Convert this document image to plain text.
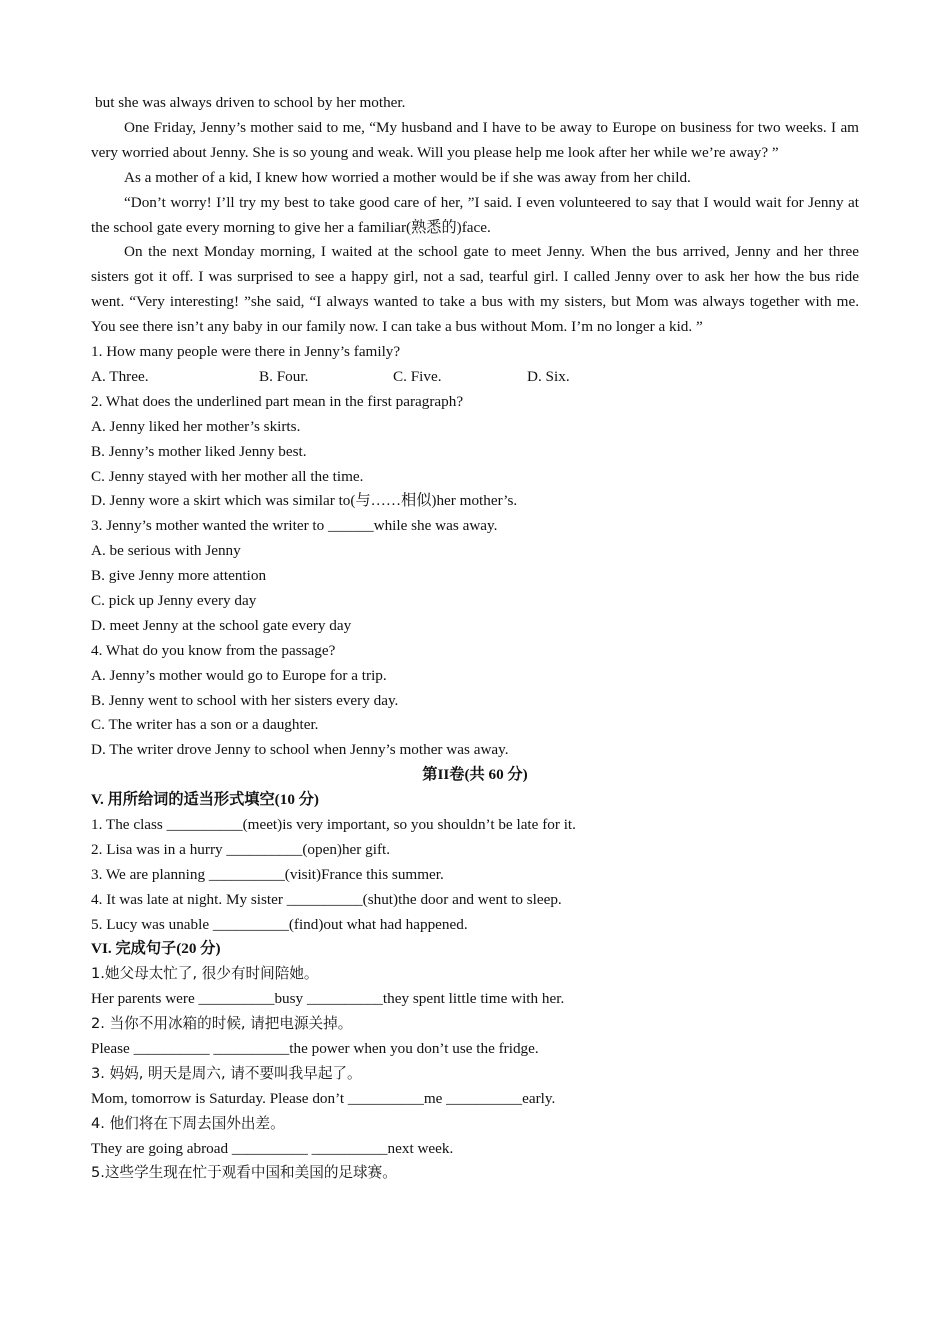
but she was always driven to school by her mother.
One Friday, Jenny’s mother said to me, “My husband and I have to be away to Europe on business for two weeks. I am very worried about Jenny. She is so young and weak. Will you please help me look after her while we’re away? ”
As a mother of a kid, I knew how worried a mother would be if she was away from her child.
“Don’t worry! I’ll try my best to take good care of her, ”I said. I even volunteered to say that I would wait for Jenny at the school gate every morning to give her a familiar(熟悉的)face.
On the next Monday morning, I waited at the school gate to meet Jenny. When the bus arrived, Jenny and her three sisters got it off. I was surprised to see a happy girl, not a sad, tearful girl. I called Jenny over to ask her how the bus ride went. “Very interesting! ”she said, “I always wanted to take a bus with my sisters, but Mom was always together with me. You see there isn’t any baby in our family now. I can take a bus without Mom. I’m no longer a kid. ”
1. How many people were there in Jenny’s family?
A. Three.	B. Four.	C. Five.	D. Six.
2. What does the underlined part mean in the first paragraph?
A. Jenny liked her mother’s skirts.
B. Jenny’s mother liked Jenny best.
C. Jenny stayed with her mother all the time.
D. Jenny wore a skirt which was similar to(与……相似)her mother’s.
3. Jenny’s mother wanted the writer to ______while she was away.
A. be serious with Jenny
B. give Jenny more attention
C. pick up Jenny every day
D. meet Jenny at the school gate every day
4. What do you know from the passage?
A. Jenny’s mother would go to Europe for a trip.
B. Jenny went to school with her sisters every day.
C. The writer has a son or a daughter.
D. The writer drove Jenny to school when Jenny’s mother was away.
第II卷(共 60 分)
V. 用所给词的适当形式填空(10 分)
1. The class __________(meet)is very important, so you shouldn’t be late for it.
2. Lisa was in a hurry __________(open)her gift.
3. We are planning __________(visit)France this summer.
4. It was late at night. My sister __________(shut)the door and went to sleep.
5. Lucy was unable __________(find)out what had happened.
VI. 完成句子(20 分)
1.她父母太忙了, 很少有时间陪她。
Her parents were __________busy __________they spent little time with her.
2. 当你不用冰箱的时候, 请把电源关掉。
Please __________ __________the power when you don’t use the fridge.
3. 妈妈, 明天是周六, 请不要叫我早起了。
Mom, tomorrow is Saturday. Please don’t __________me __________early.
4. 他们将在下周去国外出差。
They are going abroad __________ __________next week.
5.这些学生现在忙于观看中国和美国的足球赛。
